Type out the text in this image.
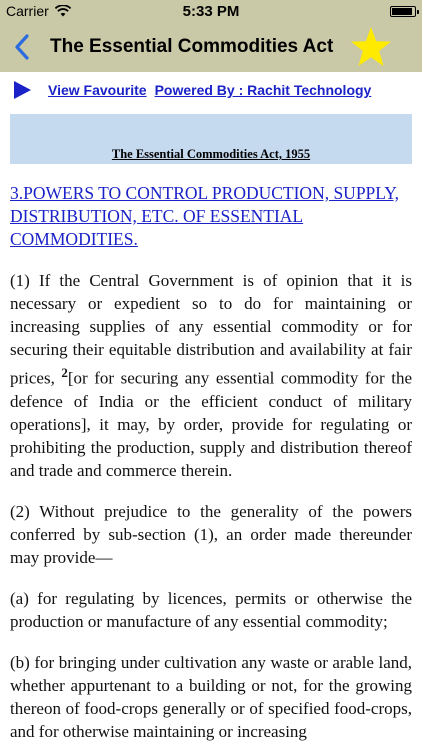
Carrier	5:33 PM
The Essential Commodities Act
View Favourite Powered By : Rachit Technology
The Essential Commodities Act, 1955
3.POWERS TO CONTROL PRODUCTION, SUPPLY, DISTRIBUTION, ETC. OF ESSENTIAL COMMODITIES.

(1) If the Central Government is of opinion that it is necessary or expedient so to do for maintaining or increasing supplies of any essential commodity or for securing their equitable distribution and availability at fair prices, $^2$[or for securing any essential commodity for the defence of India or the efficient conduct of military operations], it may, by order, provide for regulating or prohibiting the production, supply and distribution thereof and trade and commerce therein.

(2) Without prejudice to the generality of the powers conferred by sub-section (1), an order made thereunder may provide—

(a) for regulating by licences, permits or otherwise the production or manufacture of any essential commodity;

(b) for bringing under cultivation any waste or arable land, whether appurtenant to a building or not, for the growing thereon of food-crops generally or of specified food-crops, and for otherwise maintaining or increasing
